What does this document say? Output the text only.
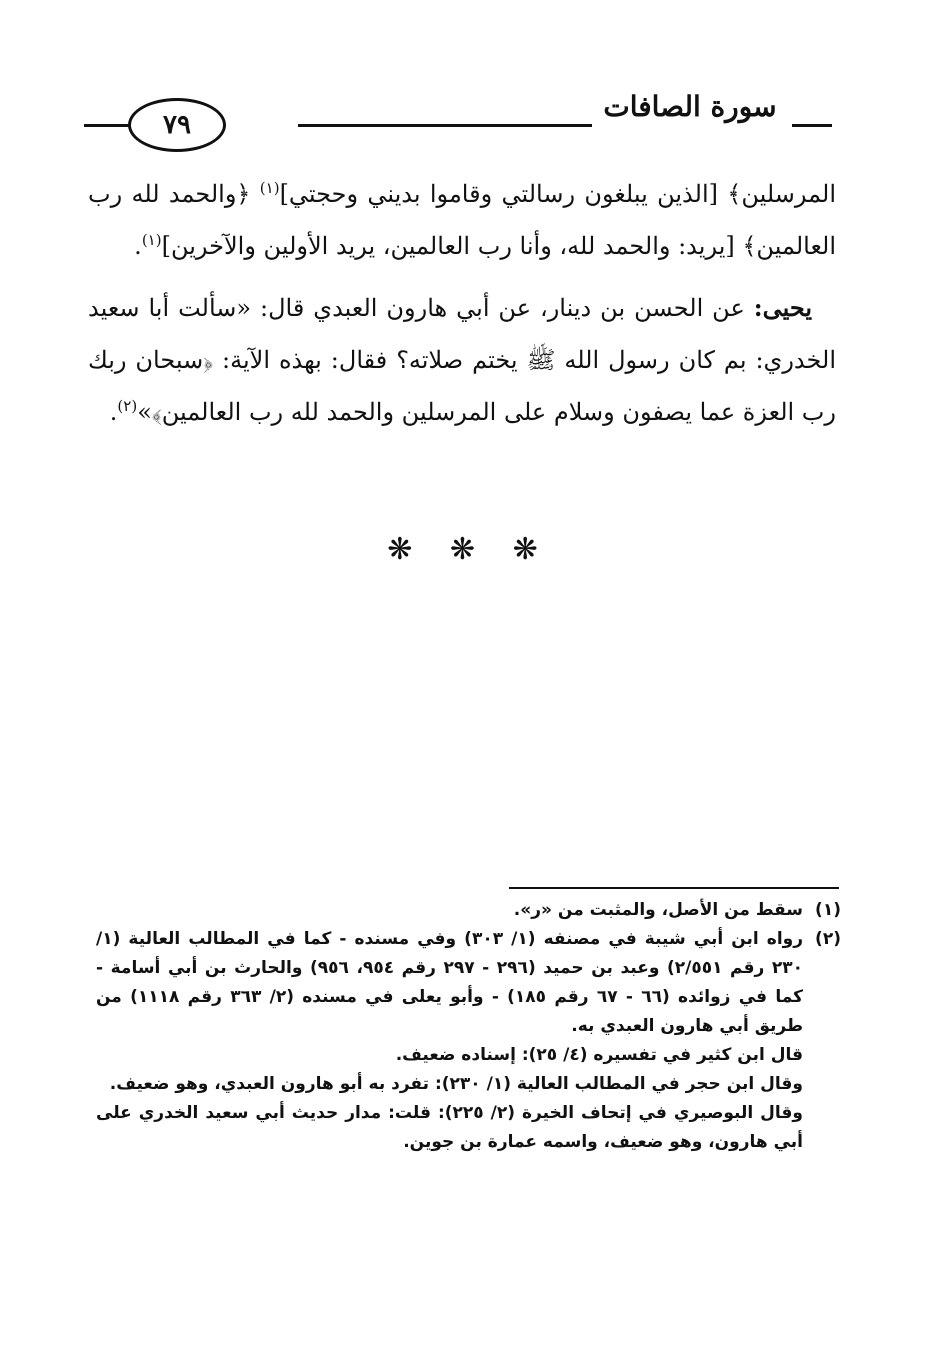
سورة الصافات
٧٩

المرسلين﴾ [الذين يبلغون رسالتي وقاموا بديني وحجتي]$^{(١)}$ ﴿والحمد لله رب العالمين﴾ [يريد: والحمد لله، وأنا رب العالمين، يريد الأولين والآخرين]$^{(١)}$.

يحيى: عن الحسن بن دينار، عن أبي هارون العبدي قال: «سألت أبا سعيد الخدري: بم كان رسول الله ﷺ يختم صلاته؟ فقال: بهذه الآية: ﴿سبحان ربك رب العزة عما يصفون وسلام على المرسلين والحمد لله رب العالمين﴾»$^{(٢)}$.

❋ ❋ ❋
(١)
سقط من الأصل، والمثبت من «ر».
(٢)
رواه ابن أبي شيبة في مصنفه (١/ ٣٠٣) وفي مسنده - كما في المطالب العالية (١/ ٢٣٠ رقم ٢/٥٥١) وعبد بن حميد (٢٩٦ - ٢٩٧ رقم ٩٥٤، ٩٥٦) والحارث بن أبي أسامة - كما في زوائده (٦٦ - ٦٧ رقم ١٨٥) - وأبو يعلى في مسنده (٢/ ٣٦٣ رقم ١١١٨) من طريق أبي هارون العبدي به.
قال ابن كثير في تفسيره (٤/ ٢٥): إسناده ضعيف.
وقال ابن حجر في المطالب العالية (١/ ٢٣٠): تفرد به أبو هارون العبدي، وهو ضعيف.
وقال البوصيري في إتحاف الخيرة (٢/ ٢٢٥): قلت: مدار حديث أبي سعيد الخدري على أبي هارون، وهو ضعيف، واسمه عمارة بن جوين.
